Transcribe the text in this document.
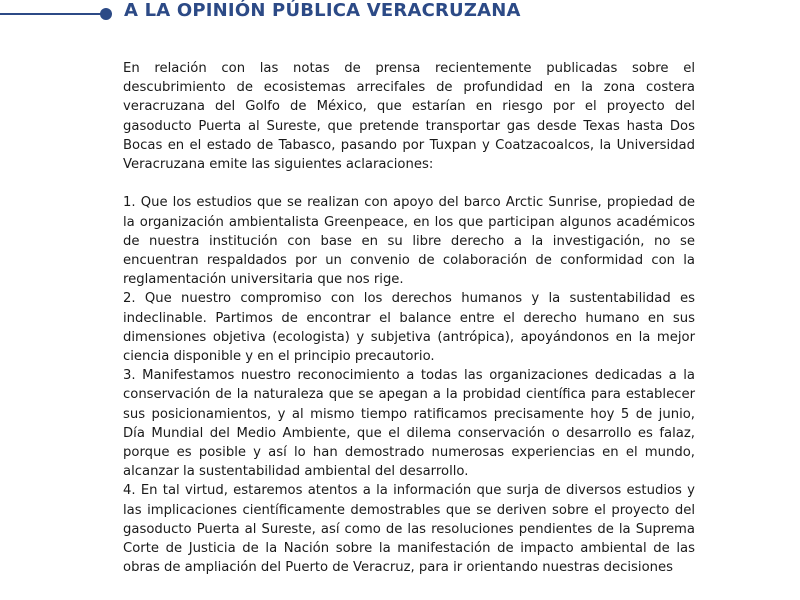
A LA OPINIÓN PÚBLICA VERACRUZANA

En relación con las notas de prensa recientemente publicadas sobre el descubrimiento de ecosistemas arrecifales de profundidad en la zona costera veracruzana del Golfo de México, que estarían en riesgo por el proyecto del gasoducto Puerta al Sureste, que pretende transportar gas desde Texas hasta Dos Bocas en el estado de Tabasco, pasando por Tuxpan y Coatzacoalcos, la Universidad Veracruzana emite las siguientes aclaraciones:

1. Que los estudios que se realizan con apoyo del barco Arctic Sunrise, propiedad de la organización ambientalista Greenpeace, en los que participan algunos académicos de nuestra institución con base en su libre derecho a la investigación, no se encuentran respaldados por un convenio de colaboración de conformidad con la reglamentación universitaria que nos rige.
2. Que nuestro compromiso con los derechos humanos y la sustentabilidad es indeclinable. Partimos de encontrar el balance entre el derecho humano en sus dimensiones objetiva (ecologista) y subjetiva (antrópica), apoyándonos en la mejor ciencia disponible y en el principio precautorio.
3. Manifestamos nuestro reconocimiento a todas las organizaciones dedicadas a la conservación de la naturaleza que se apegan a la probidad científica para establecer sus posicionamientos, y al mismo tiempo ratificamos precisamente hoy 5 de junio, Día Mundial del Medio Ambiente, que el dilema conservación o desarrollo es falaz, porque es posible y así lo han demostrado numerosas experiencias en el mundo, alcanzar la sustentabilidad ambiental del desarrollo.
4. En tal virtud, estaremos atentos a la información que surja de diversos estudios y las implicaciones científicamente demostrables que se deriven sobre el proyecto del gasoducto Puerta al Sureste, así como de las resoluciones pendientes de la Suprema Corte de Justicia de la Nación sobre la manifestación de impacto ambiental de las obras de ampliación del Puerto de Veracruz, para ir orientando nuestras decisiones
